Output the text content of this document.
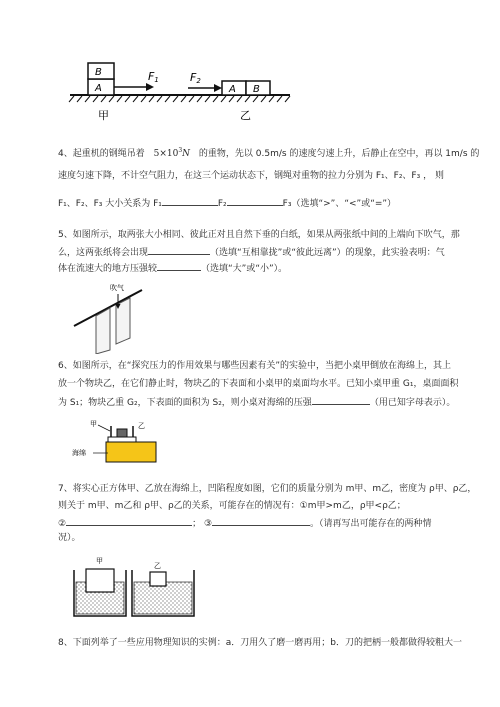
B
A
F1
甲
A B
F2
乙
4、起重机的钢绳吊着 $5\times 10^3N$ 的重物，先以 0.5m/s 的速度匀速上升，后静止在空中，再以 1m/s 的
速度匀速下降，不计空气阻力，在这三个运动状态下，钢绳对重物的拉力分别为 F₁、F₂、F₃ ， 则
F₁、F₂、F₃ 大小关系为 F₁	F₂	F₃（选填“>”、“<”或“=”）
5、如图所示，取两张大小相同、彼此正对且自然下垂的白纸，如果从两张纸中间的上端向下吹气，那
么，这两张纸将会出现	（选填“互相靠拢”或“彼此远离”）的现象，此实验表明：气
体在流速大的地方压强较	（选填“大”或“小”）。
吹气
6、如图所示，在“探究压力的作用效果与哪些因素有关”的实验中，当把小桌甲倒放在海绵上，其上
放一个物块乙，在它们静止时，物块乙的下表面和小桌甲的桌面均水平。已知小桌甲重 G₁，桌面面积
为 S₁；物块乙重 G₂，下表面的面积为 S₂，则小桌对海绵的压强	（用已知字母表示）。
甲	乙
海绵
7、将实心正方体甲、乙放在海绵上，凹陷程度如图，它们的质量分别为 m甲、m乙，密度为 ρ甲、ρ乙，
则关于 m甲、m乙和 ρ甲、ρ乙的关系，可能存在的情况有：①m甲>m乙，ρ甲<ρ乙；
②	； ③	。（请再写出可能存在的两种情
况）。
甲
乙
8、下面列举了一些应用物理知识的实例：a．刀用久了磨一磨再用；b．刀的把柄一般都做得较粗大一
